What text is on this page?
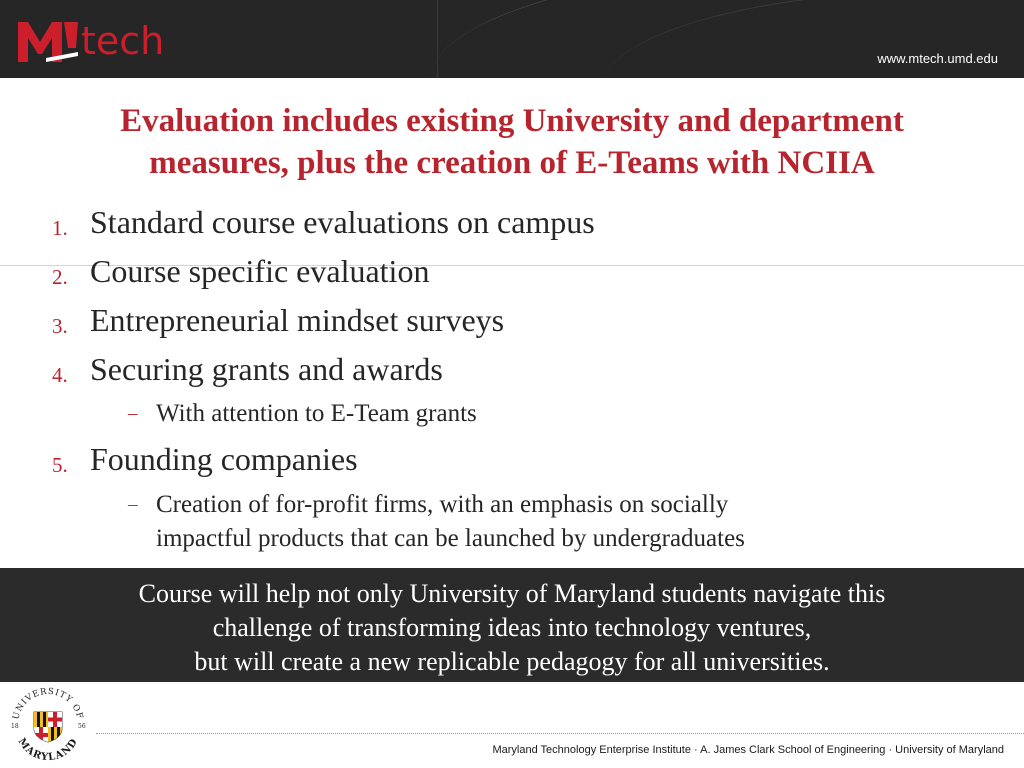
tech	www.mtech.umd.edu
Evaluation includes existing University and department
measures, plus the creation of E-Teams with NCIIA
1. Standard course evaluations on campus
2. Course specific evaluation
3. Entrepreneurial mindset surveys
4. Securing grants and awards
– With attention to E-Team grants
5. Founding companies
– Creation of for-profit firms, with an emphasis on socially
impactful products that can be launched by undergraduates
Course will help not only University of Maryland students navigate this
challenge of transforming ideas into technology ventures,
but will create a new replicable pedagogy for all universities.
UNIVERSITY OF
MARYLAND
18	56
Maryland Technology Enterprise Institute · A. James Clark School of Engineering · University of Maryland
